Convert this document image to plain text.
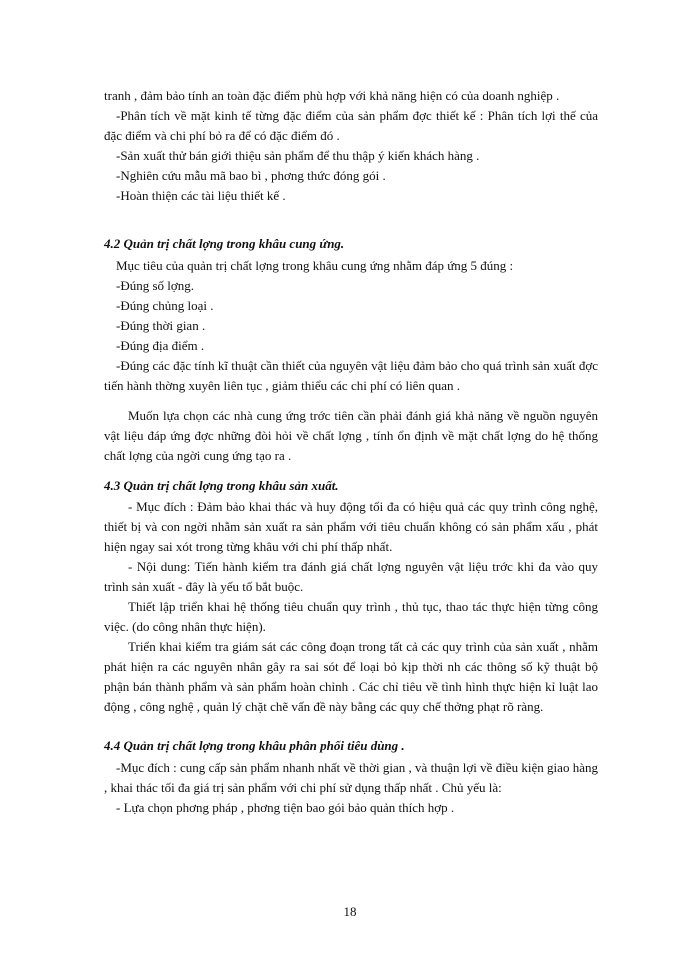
tranh , đảm bảo tính an toàn đặc điểm phù hợp với khả năng hiện có của doanh nghiệp .

-Phân tích về mặt kinh tế từng đặc điểm của sản phẩm đợc thiết kế : Phân tích lợi thế của đặc điểm và chi phí bỏ ra để có đặc điểm đó .

-Sản xuất thử bán giới thiệu sản phẩm để thu thập ý kiến khách hàng .

-Nghiên cứu mẫu mã bao bì , phơng thức đóng gói .

-Hoàn thiện các tài liệu thiết kế .

4.2 Quản trị chất lợng trong khâu cung ứng.

Mục tiêu của quản trị chất lợng trong khâu cung ứng nhằm đáp ứng 5 đúng :

-Đúng số lợng.

-Đúng chủng loại .

-Đúng thời gian .

-Đúng địa điểm .

-Đúng các đặc tính kĩ thuật cần thiết của nguyên vật liệu đảm bảo cho quá trình sản xuất đợc tiến hành thờng xuyên liên tục , giảm thiểu các chi phí có liên quan .

Muốn lựa chọn các nhà cung ứng trớc tiên cần phải đánh giá khả năng về nguồn nguyên vật liệu đáp ứng đợc những đòi hỏi về chất lợng , tính ổn định về mặt chất lợng do hệ thống chất lợng của ngời cung ứng tạo ra .

4.3 Quản trị chất lợng trong khâu sản xuất.

- Mục đích : Đảm bảo khai thác và huy động tối đa có hiệu quả các quy trình công nghệ, thiết bị và con ngời nhằm sản xuất ra sản phẩm với tiêu chuẩn không có sản phẩm xấu , phát hiện ngay sai xót trong từng khâu với chi phí thấp nhất.

- Nội dung: Tiến hành kiểm tra đánh giá chất lợng nguyên vật liệu trớc khi đa vào quy trình sản xuất - đây là yếu tố bắt buộc.

Thiết lập triển khai hệ thống tiêu chuẩn quy trình , thủ tục, thao tác thực hiện từng công việc. (do công nhân thực hiện).

Triển khai kiểm tra giám sát các công đoạn trong tất cả các quy trình của sản xuất , nhằm phát hiện ra các nguyên nhân gây ra sai sót để loại bỏ kịp thời nh các thông số kỹ thuật bộ phận bán thành phẩm và sản phẩm hoàn chỉnh . Các chỉ tiêu về tình hình thực hiện kỉ luật lao động , công nghệ , quản lý chặt chẽ vấn đề này bằng các quy chế thởng phạt rõ ràng.

4.4 Quản trị chất lợng trong khâu phân phối tiêu dùng .

-Mục đích : cung cấp sản phẩm nhanh nhất về thời gian , và thuận lợi về điều kiện giao hàng , khai thác tối đa giá trị sản phẩm với chi phí sử dụng thấp nhất . Chủ yếu là:

- Lựa chọn phơng pháp , phơng tiện bao gói bảo quản thích hợp .

18
